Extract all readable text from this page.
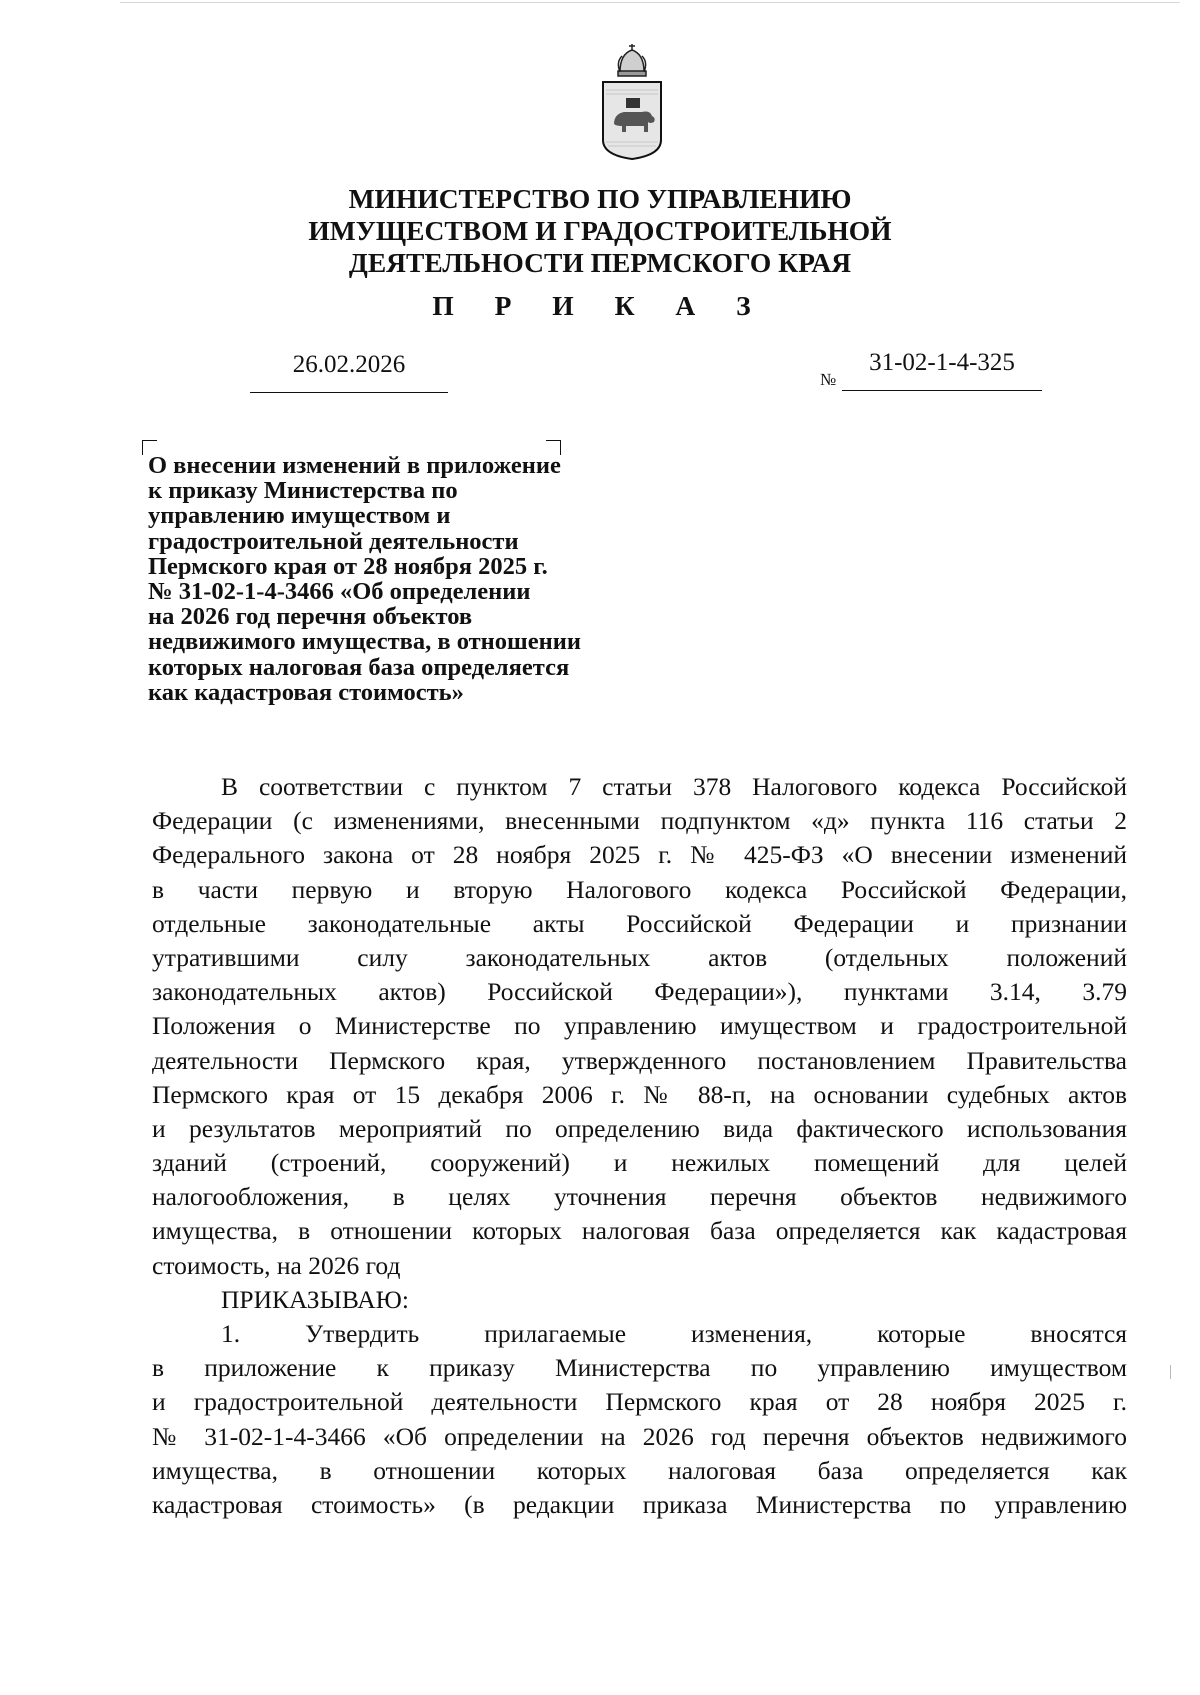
МИНИСТЕРСТВО ПО УПРАВЛЕНИЮ
ИМУЩЕСТВОМ И ГРАДОСТРОИТЕЛЬНОЙ
ДЕЯТЕЛЬНОСТИ ПЕРМСКОГО КРАЯ
П Р И К А З
26.02.2026
№
31-02-1-4-325
О внесении изменений в приложение
к приказу Министерства по
управлению имуществом и
градостроительной деятельности
Пермского края от 28 ноября 2025 г.
№ 31-02-1-4-3466 «Об определении
на 2026 год перечня объектов
недвижимого имущества, в отношении
которых налоговая база определяется
как кадастровая стоимость»
В соответствии с пунктом 7 статьи 378 Налогового кодекса Российской
Федерации (с изменениями, внесенными подпунктом «д» пункта 116 статьи 2
Федерального закона от 28 ноября 2025 г. № 425-ФЗ «О внесении изменений
в части первую и вторую Налогового кодекса Российской Федерации,
отдельные законодательные акты Российской Федерации и признании
утратившими силу законодательных актов (отдельных положений
законодательных актов) Российской Федерации»), пунктами 3.14, 3.79
Положения о Министерстве по управлению имуществом и градостроительной
деятельности Пермского края, утвержденного постановлением Правительства
Пермского края от 15 декабря 2006 г. № 88-п, на основании судебных актов
и результатов мероприятий по определению вида фактического использования
зданий (строений, сооружений) и нежилых помещений для целей
налогообложения, в целях уточнения перечня объектов недвижимого
имущества, в отношении которых налоговая база определяется как кадастровая
стоимость, на 2026 год
ПРИКАЗЫВАЮ:
1. Утвердить прилагаемые изменения, которые вносятся
в приложение к приказу Министерства по управлению имуществом
и градостроительной деятельности Пермского края от 28 ноября 2025 г.
№ 31-02-1-4-3466 «Об определении на 2026 год перечня объектов недвижимого
имущества, в отношении которых налоговая база определяется как
кадастровая стоимость» (в редакции приказа Министерства по управлению
